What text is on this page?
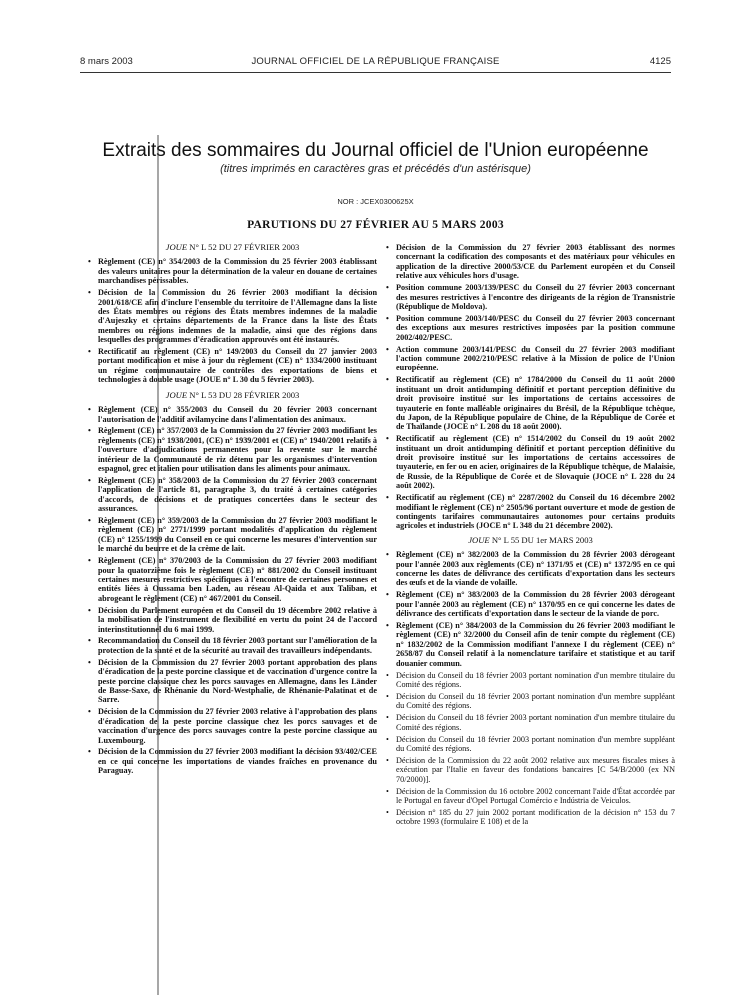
8 mars 2003	JOURNAL OFFICIEL DE LA RÉPUBLIQUE FRANÇAISE	4125
Extraits des sommaires du Journal officiel de l'Union européenne
(titres imprimés en caractères gras et précédés d'un astérisque)
NOR : JCEX0300625X
PARUTIONS DU 27 FÉVRIER AU 5 MARS 2003
JOUE N° L 52 DU 27 FÉVRIER 2003
• Règlement (CE) n° 354/2003 de la Commission du 25 février 2003 établissant des valeurs unitaires pour la détermination de la valeur en douane de certaines marchandises périssables.
• Décision de la Commission du 26 février 2003 modifiant la décision 2001/618/CE afin d'inclure l'ensemble du territoire de l'Allemagne dans la liste des États membres ou régions des États membres indemnes de la maladie d'Aujeszky et certains départements de la France dans la liste des États membres ou régions indemnes de la maladie, ainsi que des régions dans lesquelles des programmes d'éradication approuvés ont été instaurés.
• Rectificatif au règlement (CE) n° 149/2003 du Conseil du 27 janvier 2003 portant modification et mise à jour du règlement (CE) n° 1334/2000 instituant un régime communautaire de contrôles des exportations de biens et technologies à double usage (JOUE n° L 30 du 5 février 2003).
JOUE N° L 53 DU 28 FÉVRIER 2003
• Règlement (CE) n° 355/2003 du Conseil du 20 février 2003 concernant l'autorisation de l'additif avilamycine dans l'alimentation des animaux.
• Règlement (CE) n° 357/2003 de la Commission du 27 février 2003 modifiant les règlements (CE) n° 1938/2001, (CE) n° 1939/2001 et (CE) n° 1940/2001 relatifs à l'ouverture d'adjudications permanentes pour la revente sur le marché intérieur de la Communauté de riz détenu par les organismes d'intervention espagnol, grec et italien pour utilisation dans les aliments pour animaux.
• Règlement (CE) n° 358/2003 de la Commission du 27 février 2003 concernant l'application de l'article 81, paragraphe 3, du traité à certaines catégories d'accords, de décisions et de pratiques concertées dans le secteur des assurances.
• Règlement (CE) n° 359/2003 de la Commission du 27 février 2003 modifiant le règlement (CE) n° 2771/1999 portant modalités d'application du règlement (CE) n° 1255/1999 du Conseil en ce qui concerne les mesures d'intervention sur le marché du beurre et de la crème de lait.
• Règlement (CE) n° 370/2003 de la Commission du 27 février 2003 modifiant pour la quatorzième fois le règlement (CE) n° 881/2002 du Conseil instituant certaines mesures restrictives spécifiques à l'encontre de certaines personnes et entités liées à Oussama ben Laden, au réseau Al-Qaida et aux Taliban, et abrogeant le règlement (CE) n° 467/2001 du Conseil.
• Décision du Parlement européen et du Conseil du 19 décembre 2002 relative à la mobilisation de l'instrument de flexibilité en vertu du point 24 de l'accord interinstitutionnel du 6 mai 1999.
• Recommandation du Conseil du 18 février 2003 portant sur l'amélioration de la protection de la santé et de la sécurité au travail des travailleurs indépendants.
• Décision de la Commission du 27 février 2003 portant approbation des plans d'éradication de la peste porcine classique et de vaccination d'urgence contre la peste porcine classique chez les porcs sauvages en Allemagne, dans les Länder de Basse-Saxe, de Rhénanie du Nord-Westphalie, de Rhénanie-Palatinat et de Sarre.
• Décision de la Commission du 27 février 2003 relative à l'approbation des plans d'éradication de la peste porcine classique chez les porcs sauvages et de vaccination d'urgence des porcs sauvages contre la peste porcine classique au Luxembourg.
• Décision de la Commission du 27 février 2003 modifiant la décision 93/402/CEE en ce qui concerne les importations de viandes fraîches en provenance du Paraguay.
• Décision de la Commission du 27 février 2003 établissant des normes concernant la codification des composants et des matériaux pour véhicules en application de la directive 2000/53/CE du Parlement européen et du Conseil relative aux véhicules hors d'usage.
• Position commune 2003/139/PESC du Conseil du 27 février 2003 concernant des mesures restrictives à l'encontre des dirigeants de la région de Transnistrie (République de Moldova).
• Position commune 2003/140/PESC du Conseil du 27 février 2003 concernant des exceptions aux mesures restrictives imposées par la position commune 2002/402/PESC.
• Action commune 2003/141/PESC du Conseil du 27 février 2003 modifiant l'action commune 2002/210/PESC relative à la Mission de police de l'Union européenne.
• Rectificatif au règlement (CE) n° 1784/2000 du Conseil du 11 août 2000 instituant un droit antidumping définitif et portant perception définitive du droit provisoire institué sur les importations de certains accessoires de tuyauterie en fonte malléable originaires du Brésil, de la République tchèque, du Japon, de la République populaire de Chine, de la République de Corée et de Thaïlande (JOCE n° L 208 du 18 août 2000).
• Rectificatif au règlement (CE) n° 1514/2002 du Conseil du 19 août 2002 instituant un droit antidumping définitif et portant perception définitive du droit provisoire institué sur les importations de certains accessoires de tuyauterie, en fer ou en acier, originaires de la République tchèque, de Malaisie, de Russie, de la République de Corée et de Slovaquie (JOCE n° L 228 du 24 août 2002).
• Rectificatif au règlement (CE) n° 2287/2002 du Conseil du 16 décembre 2002 modifiant le règlement (CE) n° 2505/96 portant ouverture et mode de gestion de contingents tarifaires communautaires autonomes pour certains produits agricoles et industriels (JOCE n° L 348 du 21 décembre 2002).
JOUE N° L 55 DU 1er MARS 2003
• Règlement (CE) n° 382/2003 de la Commission du 28 février 2003 dérogeant pour l'année 2003 aux règlements (CE) n° 1371/95 et (CE) n° 1372/95 en ce qui concerne les dates de délivrance des certificats d'exportation dans les secteurs des œufs et de la viande de volaille.
• Règlement (CE) n° 383/2003 de la Commission du 28 février 2003 dérogeant pour l'année 2003 au règlement (CE) n° 1370/95 en ce qui concerne les dates de délivrance des certificats d'exportation dans le secteur de la viande de porc.
• Règlement (CE) n° 384/2003 de la Commission du 26 février 2003 modifiant le règlement (CE) n° 32/2000 du Conseil afin de tenir compte du règlement (CE) n° 1832/2002 de la Commission modifiant l'annexe I du règlement (CEE) n° 2658/87 du Conseil relatif à la nomenclature tarifaire et statistique et au tarif douanier commun.
• Décision du Conseil du 18 février 2003 portant nomination d'un membre titulaire du Comité des régions.
• Décision du Conseil du 18 février 2003 portant nomination d'un membre suppléant du Comité des régions.
• Décision du Conseil du 18 février 2003 portant nomination d'un membre titulaire du Comité des régions.
• Décision du Conseil du 18 février 2003 portant nomination d'un membre suppléant du Comité des régions.
• Décision de la Commission du 22 août 2002 relative aux mesures fiscales mises à exécution par l'Italie en faveur des fondations bancaires [C 54/B/2000 (ex NN 70/2000)].
• Décision de la Commission du 16 octobre 2002 concernant l'aide d'État accordée par le Portugal en faveur d'Opel Portugal Comércio e Indústria de Veiculos.
• Décision n° 185 du 27 juin 2002 portant modification de la décision n° 153 du 7 octobre 1993 (formulaire E 108) et de la
